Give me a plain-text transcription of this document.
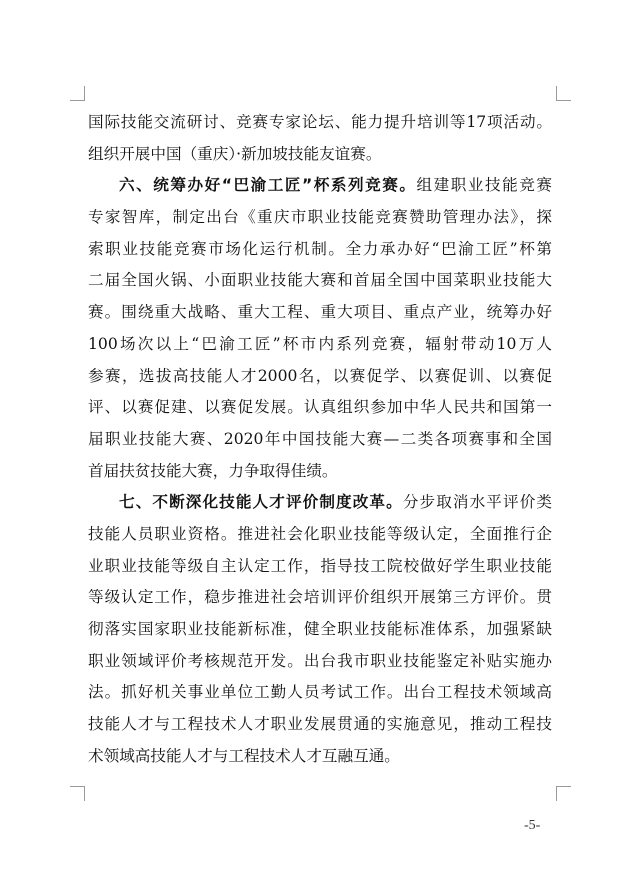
国际技能交流研讨、竞赛专家论坛、能力提升培训等17项活动。
组织开展中国（重庆）·新加坡技能友谊赛。
六、统筹办好“巴渝工匠”杯系列竞赛。组建职业技能竞赛
专家智库，制定出台《重庆市职业技能竞赛赞助管理办法》，探
索职业技能竞赛市场化运行机制。全力承办好“巴渝工匠”杯第
二届全国火锅、小面职业技能大赛和首届全国中国菜职业技能大
赛。围绕重大战略、重大工程、重大项目、重点产业，统筹办好
100场次以上“巴渝工匠”杯市内系列竞赛，辐射带动10万人
参赛，选拔高技能人才2000名，以赛促学、以赛促训、以赛促
评、以赛促建、以赛促发展。认真组织参加中华人民共和国第一
届职业技能大赛、2020年中国技能大赛—二类各项赛事和全国
首届扶贫技能大赛，力争取得佳绩。
七、不断深化技能人才评价制度改革。分步取消水平评价类
技能人员职业资格。推进社会化职业技能等级认定，全面推行企
业职业技能等级自主认定工作，指导技工院校做好学生职业技能
等级认定工作，稳步推进社会培训评价组织开展第三方评价。贯
彻落实国家职业技能新标准，健全职业技能标准体系，加强紧缺
职业领域评价考核规范开发。出台我市职业技能鉴定补贴实施办
法。抓好机关事业单位工勤人员考试工作。出台工程技术领域高
技能人才与工程技术人才职业发展贯通的实施意见，推动工程技
术领域高技能人才与工程技术人才互融互通。
-5-
